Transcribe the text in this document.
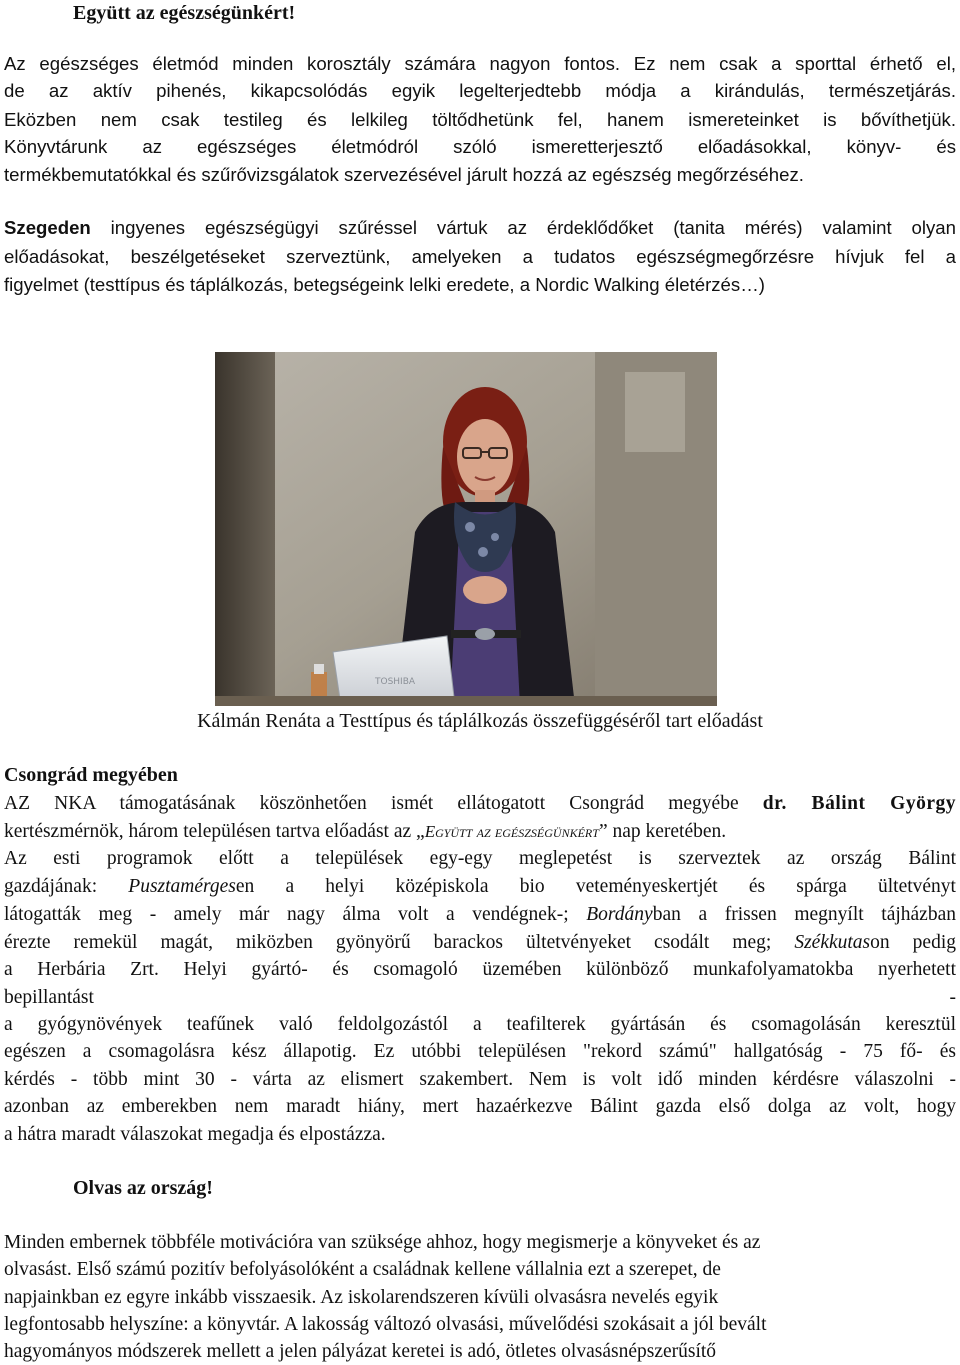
Együtt az egészségünkért!
Az egészséges életmód minden korosztály számára nagyon fontos. Ez nem csak a sporttal érhető el,
de az aktív pihenés, kikapcsolódás egyik legelterjedtebb módja a kirándulás, természetjárás.
Eközben nem csak testileg és lelkileg töltődhetünk fel, hanem ismereteinket is bővíthetjük.
Könyvtárunk az egészséges életmódról szóló ismeretterjesztő előadásokkal, könyv- és
termékbemutatókkal és szűrővizsgálatok szervezésével járult hozzá az egészség megőrzéséhez.
Szegeden ingyenes egészségügyi szűréssel vártuk az érdeklődőket (tanita mérés) valamint olyan
előadásokat, beszélgetéseket szerveztünk, amelyeken a tudatos egészségmegőrzésre hívjuk fel a
figyelmet (testtípus és táplálkozás, betegségeink lelki eredete, a Nordic Walking életérzés…)
TOSHIBA
Kálmán Renáta a Testtípus és táplálkozás összefüggéséről tart előadást
Csongrád megyében
AZ NKA támogatásának köszönhetően ismét ellátogatott Csongrád megyébe dr. Bálint György
kertészmérnök, három településen tartva előadást az „Együtt az egészségünkért” nap keretében.
Az esti programok előtt a települések egy-egy meglepetést is szerveztek az ország Bálint
gazdájának: Pusztamérgesen a helyi középiskola bio veteményeskertjét és spárga ültetvényt
látogatták meg - amely már nagy álma volt a vendégnek-; Bordányban a frissen megnyílt tájházban
érezte remekül magát, miközben gyönyörű barackos ültetvényeket csodált meg; Székkutason pedig
a Herbária Zrt. Helyi gyártó- és csomagoló üzemében különböző munkafolyamatokba nyerhetett
bepillantást	-
a gyógynövények teafűnek való feldolgozástól a teafilterek gyártásán és csomagolásán keresztül
egészen a csomagolásra kész állapotig. Ez utóbbi településen "rekord számú" hallgatóság - 75 fő- és
kérdés - több mint 30 - várta az elismert szakembert. Nem is volt idő minden kérdésre válaszolni -
azonban az emberekben nem maradt hiány, mert hazaérkezve Bálint gazda első dolga az volt, hogy
a hátra maradt válaszokat megadja és elpostázza.
Olvas az ország!
Minden embernek többféle motivációra van szüksége ahhoz, hogy megismerje a könyveket és az
olvasást. Első számú pozitív befolyásolóként a családnak kellene vállalnia ezt a szerepet, de
napjainkban ez egyre inkább visszaesik. Az iskolarendszeren kívüli olvasásra nevelés egyik
legfontosabb helyszíne: a könyvtár. A lakosság változó olvasási, művelődési szokásait a jól bevált
hagyományos módszerek mellett a jelen pályázat keretei is adó, ötletes olvasásnépszerűsítő
